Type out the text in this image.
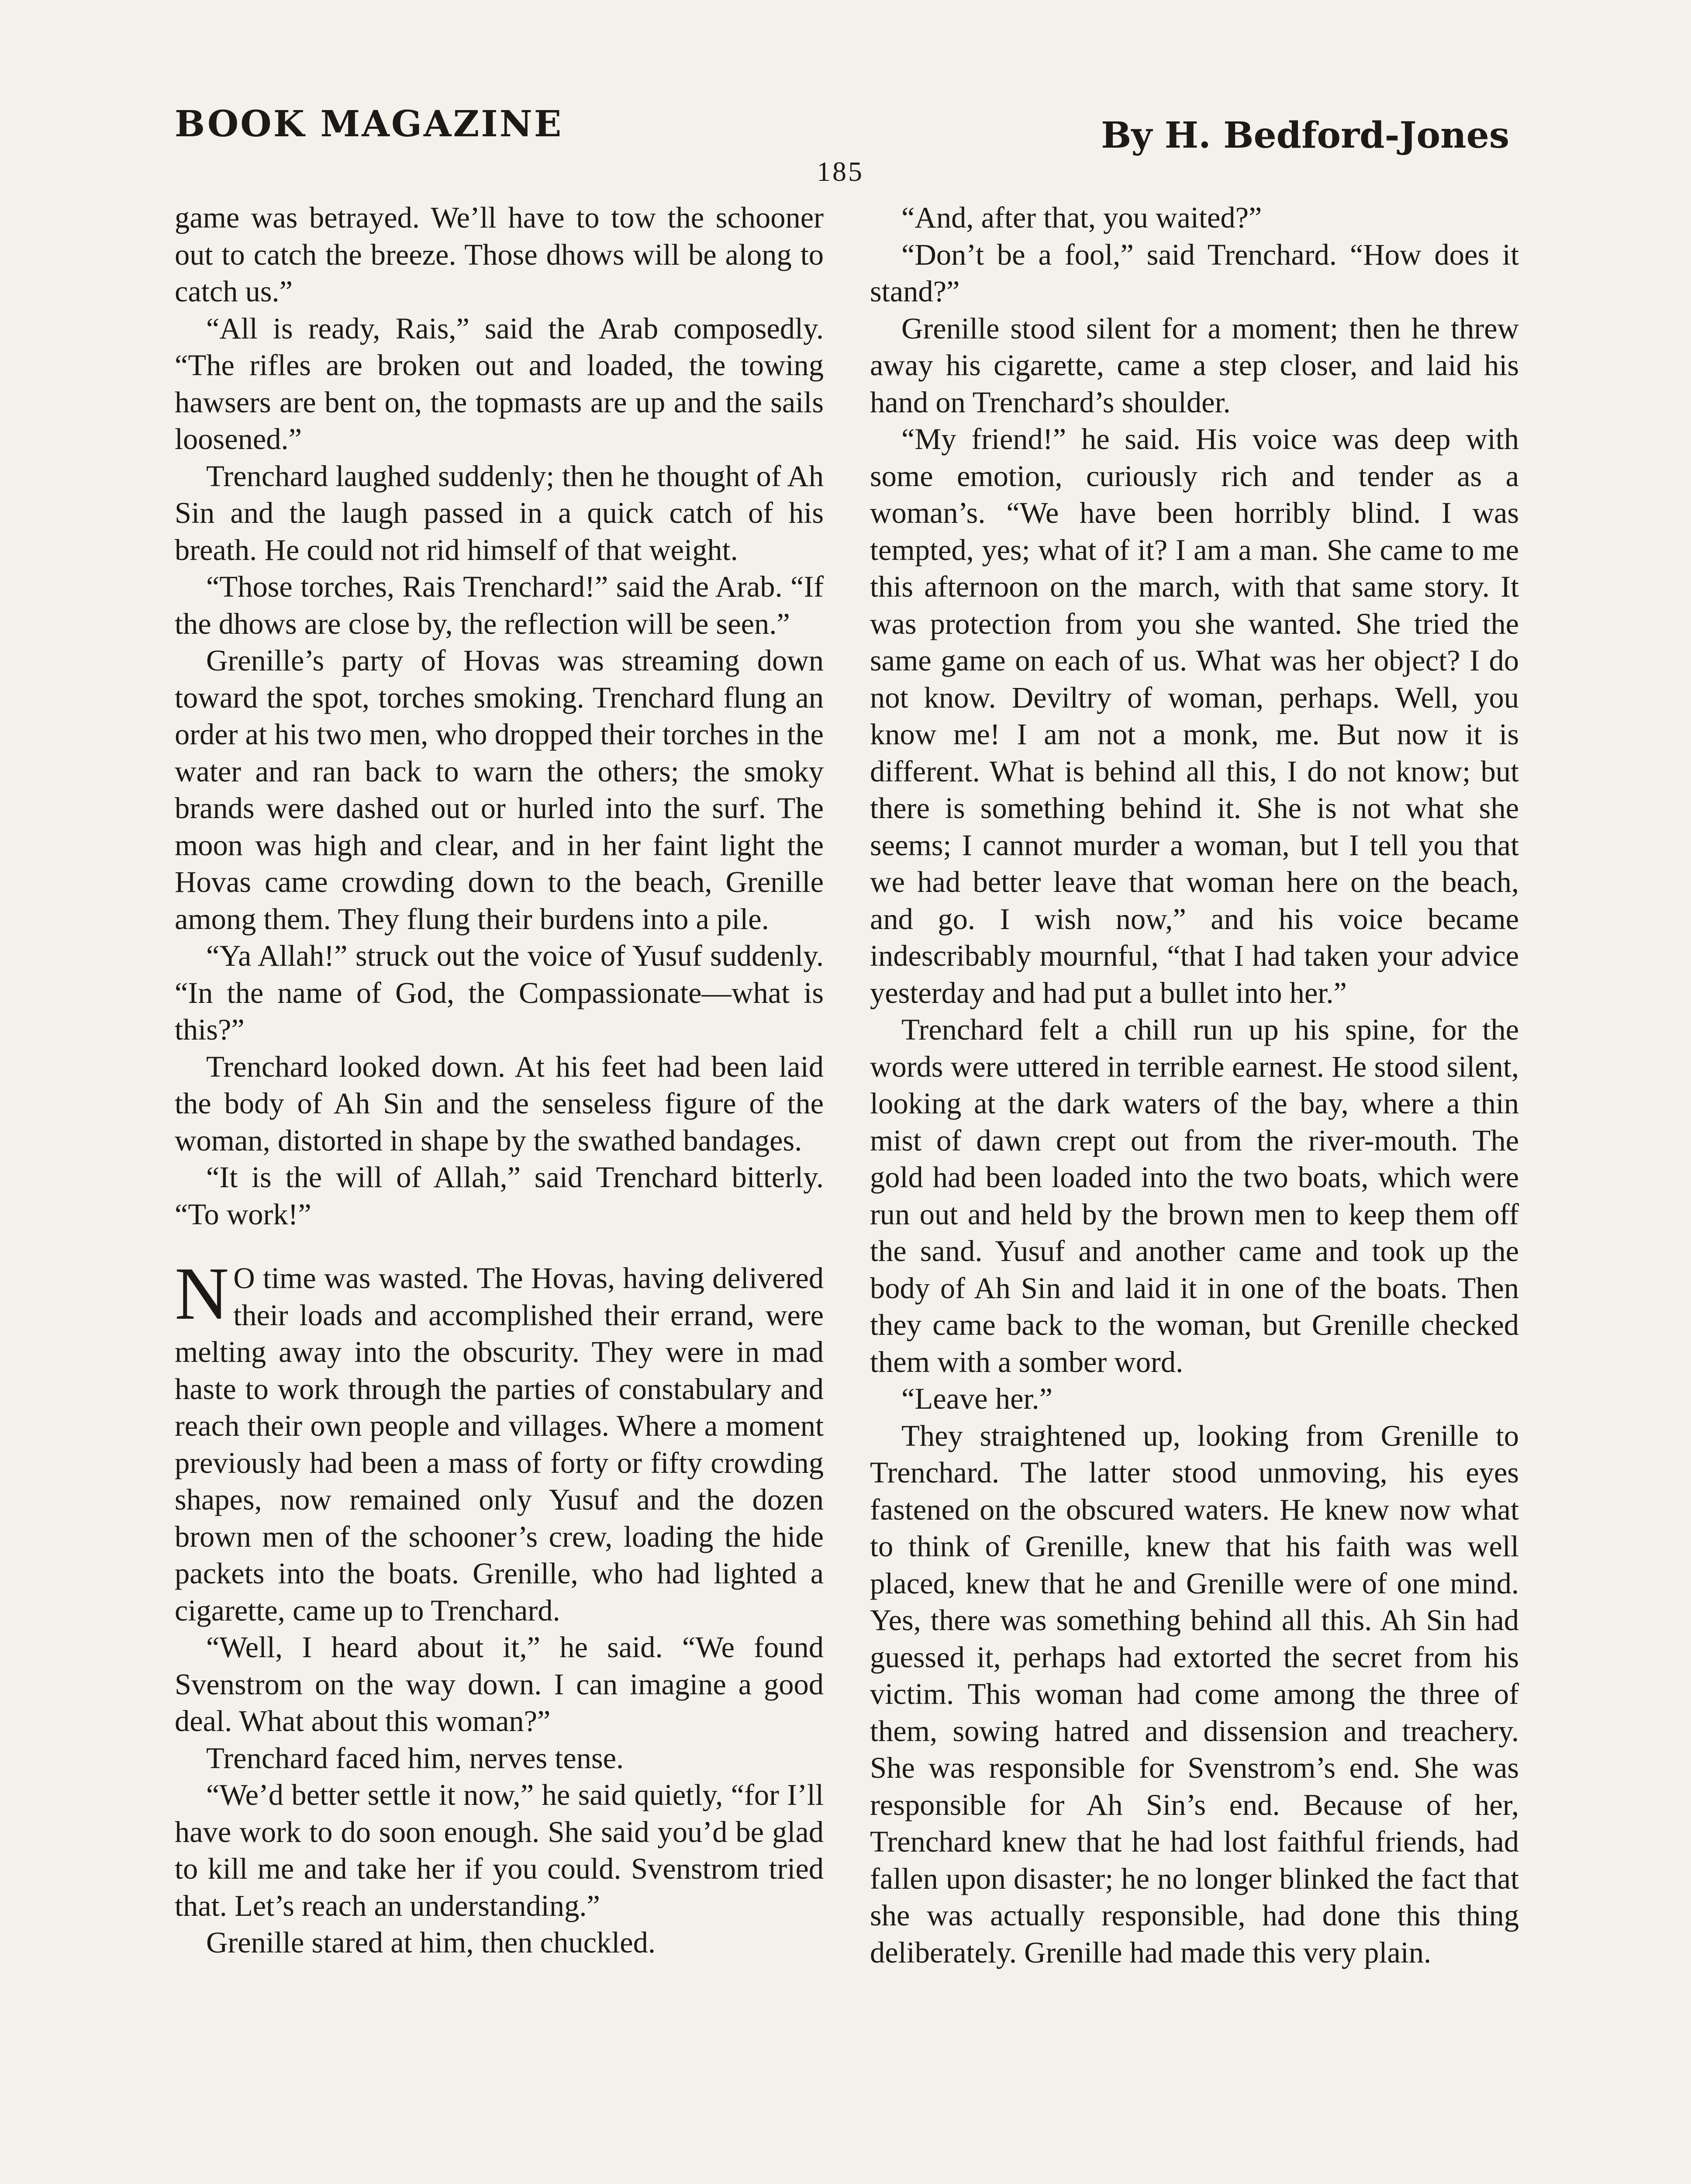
BOOK MAGAZINE	By H. Bedford-Jones
185

game was betrayed. We’ll have to tow the schooner out to catch the breeze. Those dhows will be along to catch us.”

“All is ready, Rais,” said the Arab composedly. “The rifles are broken out and loaded, the towing hawsers are bent on, the topmasts are up and the sails loosened.”

Trenchard laughed suddenly; then he thought of Ah Sin and the laugh passed in a quick catch of his breath. He could not rid himself of that weight.

“Those torches, Rais Trenchard!” said the Arab. “If the dhows are close by, the reflection will be seen.”

Grenille’s party of Hovas was streaming down toward the spot, torches smoking. Trenchard flung an order at his two men, who dropped their torches in the water and ran back to warn the others; the smoky brands were dashed out or hurled into the surf. The moon was high and clear, and in her faint light the Hovas came crowding down to the beach, Grenille among them. They flung their burdens into a pile.

“Ya Allah!” struck out the voice of Yusuf suddenly. “In the name of God, the Compassionate—what is this?”

Trenchard looked down. At his feet had been laid the body of Ah Sin and the senseless figure of the woman, distorted in shape by the swathed bandages.

“It is the will of Allah,” said Trenchard bitterly. “To work!”

N O time was wasted. The Hovas, having delivered their loads and accomplished their errand, were melting away into the obscurity. They were in mad haste to work through the parties of constabulary and reach their own people and villages. Where a moment previously had been a mass of forty or fifty crowding shapes, now remained only Yusuf and the dozen brown men of the schooner’s crew, loading the hide packets into the boats. Grenille, who had lighted a cigarette, came up to Trenchard.

“Well, I heard about it,” he said. “We found Svenstrom on the way down. I can imagine a good deal. What about this woman?”

Trenchard faced him, nerves tense.

“We’d better settle it now,” he said quietly, “for I’ll have work to do soon enough. She said you’d be glad to kill me and take her if you could. Svenstrom tried that. Let’s reach an understanding.”

Grenille stared at him, then chuckled.

“And, after that, you waited?”

“Don’t be a fool,” said Trenchard. “How does it stand?”

Grenille stood silent for a moment; then he threw away his cigarette, came a step closer, and laid his hand on Trenchard’s shoulder.

“My friend!” he said. His voice was deep with some emotion, curiously rich and tender as a woman’s. “We have been horribly blind. I was tempted, yes; what of it? I am a man. She came to me this afternoon on the march, with that same story. It was protection from you she wanted. She tried the same game on each of us. What was her object? I do not know. Deviltry of woman, perhaps. Well, you know me! I am not a monk, me. But now it is different. What is behind all this, I do not know; but there is something behind it. She is not what she seems; I cannot murder a woman, but I tell you that we had better leave that woman here on the beach, and go. I wish now,” and his voice became indescribably mournful, “that I had taken your advice yesterday and had put a bullet into her.”

Trenchard felt a chill run up his spine, for the words were uttered in terrible earnest. He stood silent, looking at the dark waters of the bay, where a thin mist of dawn crept out from the river-mouth. The gold had been loaded into the two boats, which were run out and held by the brown men to keep them off the sand. Yusuf and another came and took up the body of Ah Sin and laid it in one of the boats. Then they came back to the woman, but Grenille checked them with a somber word.

“Leave her.”

They straightened up, looking from Grenille to Trenchard. The latter stood unmoving, his eyes fastened on the obscured waters. He knew now what to think of Grenille, knew that his faith was well placed, knew that he and Grenille were of one mind. Yes, there was something behind all this. Ah Sin had guessed it, perhaps had extorted the secret from his victim. This woman had come among the three of them, sowing hatred and dissension and treachery. She was responsible for Svenstrom’s end. She was responsible for Ah Sin’s end. Because of her, Trenchard knew that he had lost faithful friends, had fallen upon disaster; he no longer blinked the fact that she was actually responsible, had done this thing deliberately. Grenille had made this very plain.
